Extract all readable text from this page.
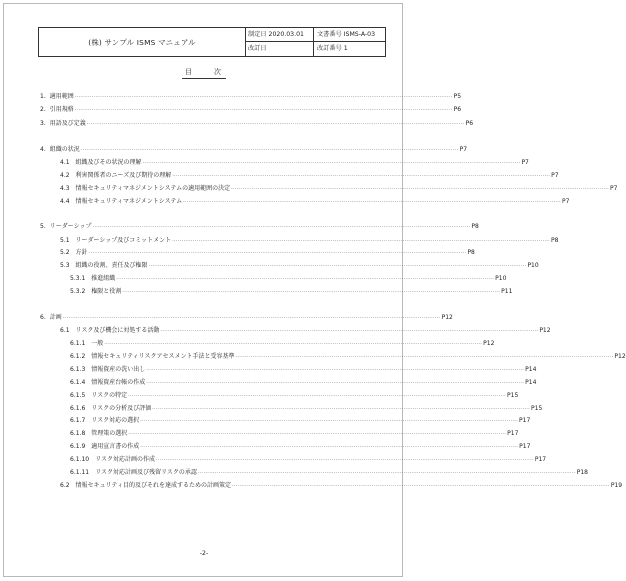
(株) サンプル ISMS マニュアル
制定日 2020.03.01	文書番号 ISMS-A-03
改訂日	改訂番号 1
目	次
1. 適用範囲 ········································································································································································································ P5
2. 引用規格 ········································································································································································································ P6
3. 用語及び定義 ········································································································································································································ P6
4. 組織の状況 ········································································································································································································ P7
4.1 組織及びその状況の理解 ········································································································································································································ P7
4.2 利害関係者のニーズ及び期待の理解 ········································································································································································································ P7
4.3 情報セキュリティマネジメントシステムの適用範囲の決定 ········································································································································································································ P7
4.4 情報セキュリティマネジメントシステム ········································································································································································································ P7
5. リーダーシップ ········································································································································································································ P8
5.1 リーダーシップ及びコミットメント ········································································································································································································ P8
5.2 方針 ········································································································································································································ P8
5.3 組織の役割、責任及び権限 ········································································································································································································ P10
5.3.1 推進組織 ········································································································································································································ P10
5.3.2 権限と役割 ········································································································································································································ P11
6. 計画 ········································································································································································································ P12
6.1 リスク及び機会に対処する活動 ········································································································································································································ P12
6.1.1 一般 ········································································································································································································ P12
6.1.2 情報セキュリティリスクアセスメント手法と受容基準 ········································································································································································································ P12
6.1.3 情報資産の洗い出し ········································································································································································································ P14
6.1.4 情報資産台帳の作成 ········································································································································································································ P14
6.1.5 リスクの特定 ········································································································································································································ P15
6.1.6 リスクの分析及び評価 ········································································································································································································ P15
6.1.7 リスク対応の選択 ········································································································································································································ P17
6.1.8 管理策の選択 ········································································································································································································ P17
6.1.9 適用宣言書の作成 ········································································································································································································ P17
6.1.10 リスク対応計画の作成 ········································································································································································································ P17
6.1.11 リスク対応計画及び残留リスクの承認 ········································································································································································································ P18
6.2 情報セキュリティ目的及びそれを達成するための計画策定 ········································································································································································································ P19
-2-
